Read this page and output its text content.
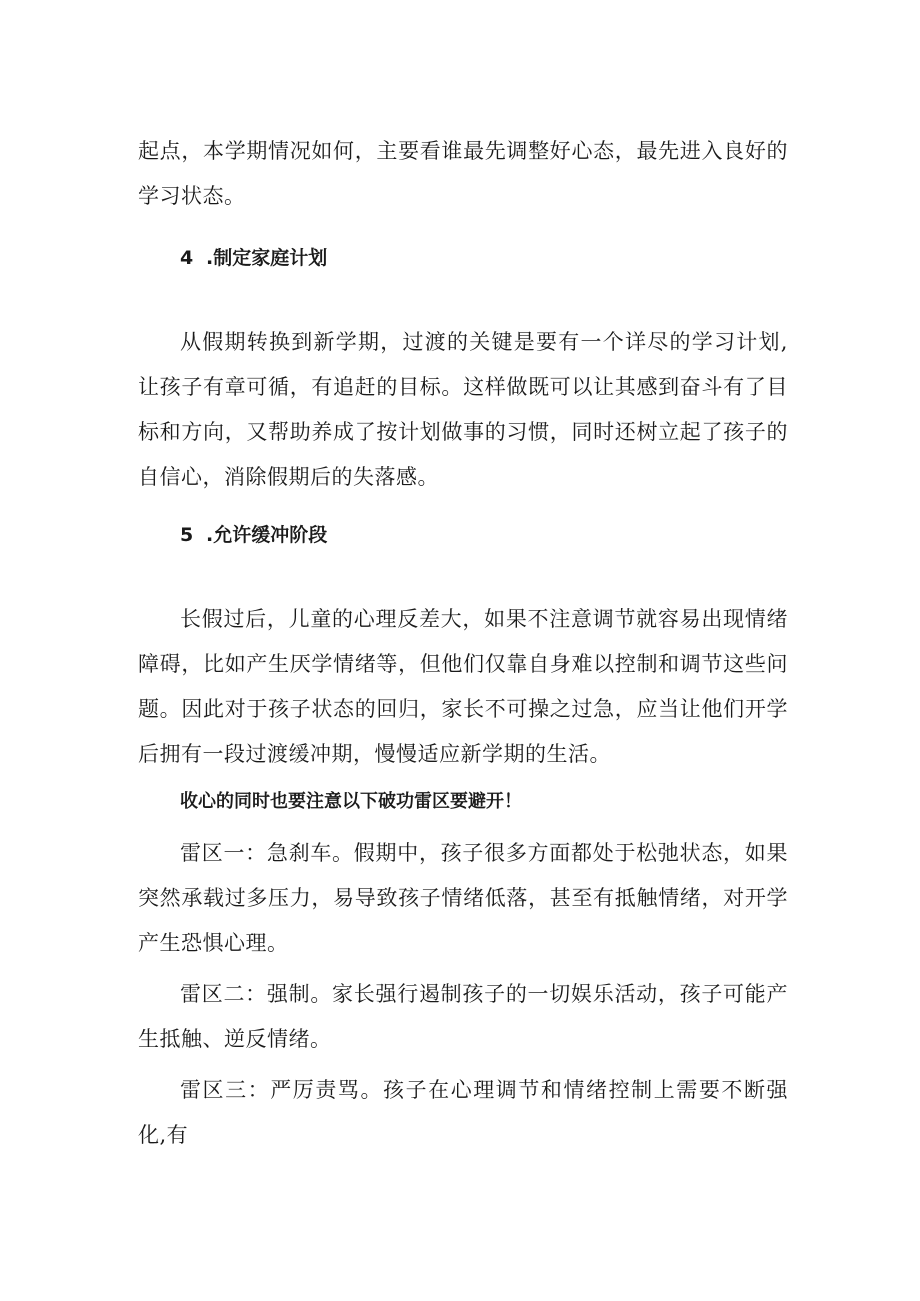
起点，本学期情况如何，主要看谁最先调整好心态，最先进入良好的学习状态。

4 .制定家庭计划

从假期转换到新学期，过渡的关键是要有一个详尽的学习计划,让孩子有章可循，有追赶的目标。这样做既可以让其感到奋斗有了目标和方向，又帮助养成了按计划做事的习惯，同时还树立起了孩子的自信心，消除假期后的失落感。

5 .允许缓冲阶段

长假过后，儿童的心理反差大，如果不注意调节就容易出现情绪障碍，比如产生厌学情绪等，但他们仅靠自身难以控制和调节这些问题。因此对于孩子状态的回归，家长不可操之过急，应当让他们开学后拥有一段过渡缓冲期，慢慢适应新学期的生活。

收心的同时也要注意以下破功雷区要避开！

雷区一：急刹车。假期中，孩子很多方面都处于松弛状态，如果突然承载过多压力，易导致孩子情绪低落，甚至有抵触情绪，对开学产生恐惧心理。

雷区二：强制。家长强行遏制孩子的一切娱乐活动，孩子可能产生抵触、逆反情绪。

雷区三：严厉责骂。孩子在心理调节和情绪控制上需要不断强化,有
